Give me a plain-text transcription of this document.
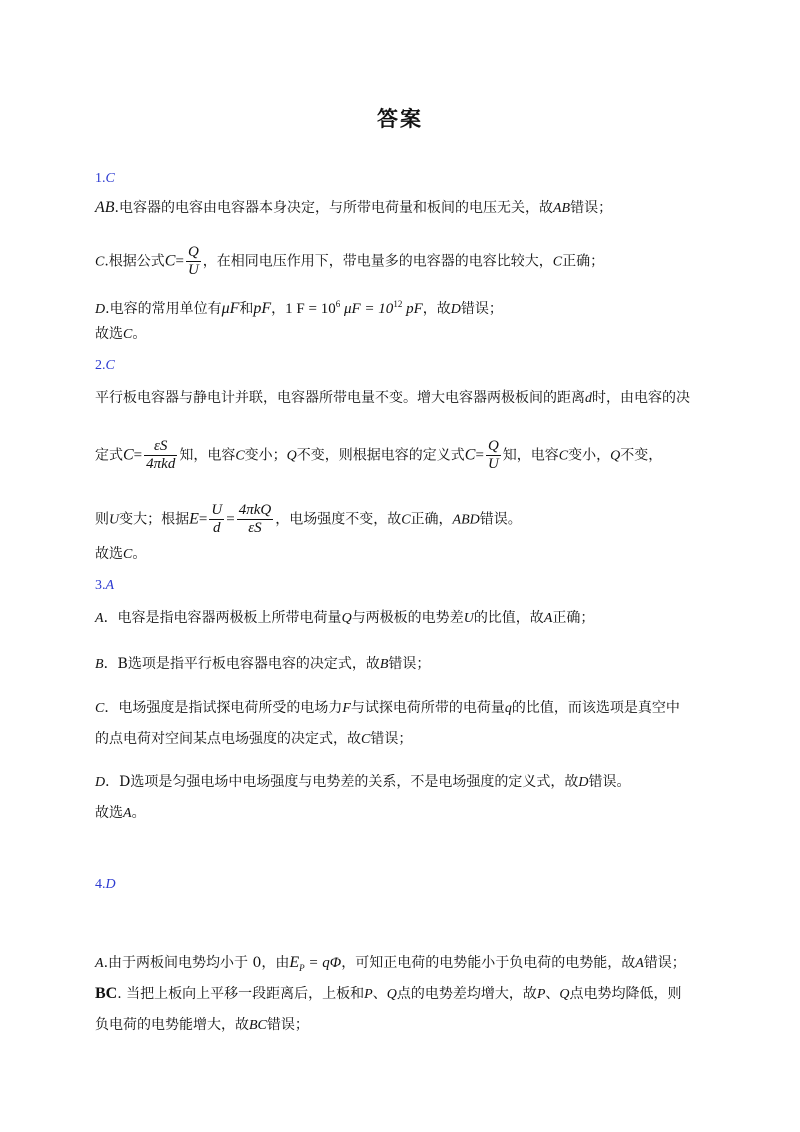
答案
1.C
AB.电容器的电容由电容器本身决定，与所带电荷量和板间的电压无关，故AB错误；
C.根据公式$C= \frac{Q}{U}$ ，在相同电压作用下，带电量多的电容器的电容比较大，C正确；
D.电容的常用单位有μF和pF，1 $F = 10^6$ $\mu F = 10^{12}$ pF，故D错误；
故选C。
2.C
平行板电容器与静电计并联，电容器所带电量不变。增大电容器两极板间的距离d时，由电容的决
定式$C= \frac{\varepsilon S}{\text{4πkd}}$ 知，电容C变小；Q不变，则根据电容的定义式$C= \frac{Q}{U}$ 知，电容C变小，Q不变，
则U变大；根据$E= \frac{U}{d} = \frac{\text{4πkQ}}{\varepsilon S}$ ，电场强度不变，故C正确，ABD错误。
故选C。
3.A
A．电容是指电容器两极板上所带电荷量Q与两极板的电势差U的比值，故A正确；
B．B选项是指平行板电容器电容的决定式，故B错误；
C．电场强度是指试探电荷所受的电场力F与试探电荷所带的电荷量q的比值，而该选项是真空中
的点电荷对空间某点电场强度的决定式，故C错误；
D．D选项是匀强电场中电场强度与电势差的关系，不是电场强度的定义式，故D错误。
故选A。
4.D
A.由于两板间电势均小于 0，由$E_P = q\Phi$，可知正电荷的电势能小于负电荷的电势能，故A错误；
BC. 当把上板向上平移一段距离后，上板和P、Q点的电势差均增大，故P、Q点电势均降低，则
负电荷的电势能增大，故BC错误；
